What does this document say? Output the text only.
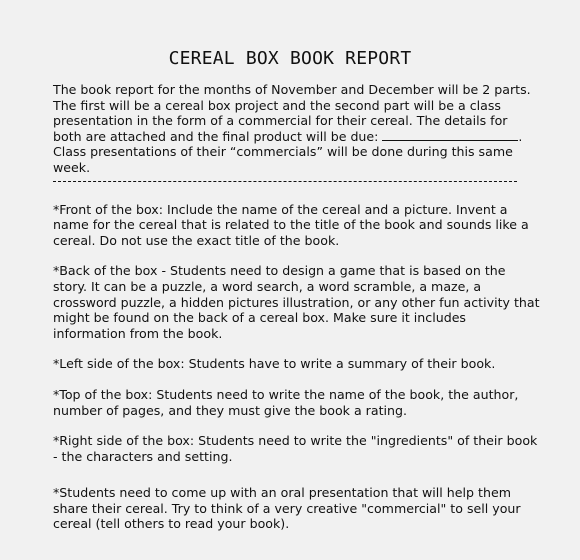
CEREAL BOX BOOK REPORT
The book report for the months of November and December will be 2 parts.
The first will be a cereal box project and the second part will be a class
presentation in the form of a commercial for their cereal. The details for
both are attached and the final product will be due:	.
Class presentations of their “commercials” will be done during this same
week.
*Front of the box: Include the name of the cereal and a picture. Invent a
name for the cereal that is related to the title of the book and sounds like a
cereal. Do not use the exact title of the book.
*Back of the box - Students need to design a game that is based on the
story. It can be a puzzle, a word search, a word scramble, a maze, a
crossword puzzle, a hidden pictures illustration, or any other fun activity that
might be found on the back of a cereal box. Make sure it includes
information from the book.
*Left side of the box: Students have to write a summary of their book.
*Top of the box: Students need to write the name of the book, the author,
number of pages, and they must give the book a rating.
*Right side of the box: Students need to write the "ingredients" of their book
- the characters and setting.
*Students need to come up with an oral presentation that will help them
share their cereal. Try to think of a very creative "commercial" to sell your
cereal (tell others to read your book).
